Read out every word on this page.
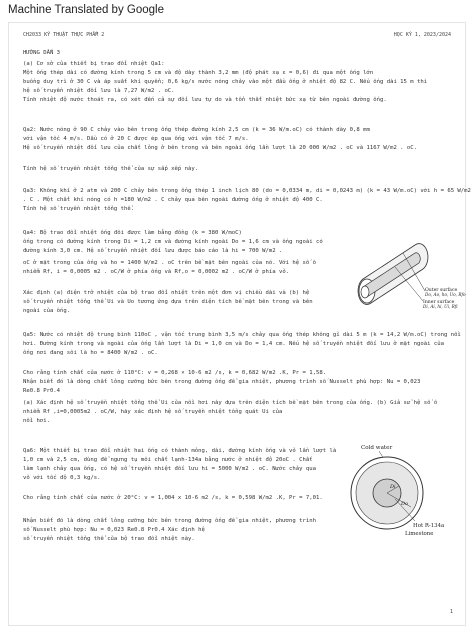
Machine Translated by Google
CH2033 KỸ THUẬT THỰC PHẨM 2	HỌC KỲ 1, 2023/2024
HƯỚNG DẪN 3
(a) Cơ sở của thiết bị trao đổi nhiệt Qa1:
Một ống thép dài có đường kính trong 5 cm và độ dày thành 3,2 mm (độ phát xạ ε = 0,6) đi qua một ống lớn
buồng duy trì ở 30 C và áp suất khí quyển; 0,6 kg/s nước nóng chảy vào một đầu ống ở nhiệt độ 82 C. Nếu ống dài 15 m thì
hệ số truyền nhiệt đối lưu là 7,27 W/m2 . oC.
Tính nhiệt độ nước thoát ra, có xét đến cả sự đối lưu tự do và tổn thất nhiệt bức xạ từ bên ngoài đường ống.
Qa2: Nước nóng ở 90 C chảy vào bên trong ống thép đường kính 2,5 cm (k = 36 W/m.oC) có thành dày 0,8 mm
với vận tốc 4 m/s. Dầu có ở 20 C được ép qua ống với vận tốc 7 m/s.
Hệ số truyền nhiệt đối lưu của chất lỏng ở bên trong và bên ngoài ống lần lượt là 20 000 W/m2 . oC và 1167 W/m2 . oC.
Tính hệ số truyền nhiệt tổng thể của sự sắp xếp này.
Qa3: Không khí ở 2 atm và 200 C chảy bên trong ống thép 1 inch lịch 80 (do = 0,0334 m, di = 0,0243 m) (k = 43 W/m.oC) với h = 65 W/m2
. C . Một chất khí nóng có h =180 W/m2 . C chảy qua bên ngoài đường ống ở nhiệt độ 400 C.
Tính hệ số truyền nhiệt tổng thể.
Qa4: Bộ trao đổi nhiệt ống đôi được làm bằng đồng (k = 380 W/moC)
ống trong có đường kính trong Di = 1,2 cm và đường kính ngoài Do = 1,6 cm và ống ngoài có
đường kính 3,0 cm. Hệ số truyền nhiệt đối lưu được báo cáo là hi = 700 W/m2 .
oC ở mặt trong của ống và ho = 1400 W/m2 . oC trên bề mặt bên ngoài của nó. Với hệ số ô
nhiễm Rf, i = 0,0005 m2 . oC/W ở phía ống và Rf,o = 0,0002 m2 . oC/W ở phía vỏ.
Xác định (a) điện trở nhiệt của bộ trao đổi nhiệt trên một đơn vị chiều dài và (b) hệ
số truyền nhiệt tổng thể Ui và Uo tương ứng dựa trên diện tích bề mặt bên trong và bên
ngoài của ống.
Outer surface
Do, Ao, ho, Uo, Rfo
Inner surface
Di, Ai, hi, Ui, Rfi
Qa5: Nước có nhiệt độ trung bình 110oC , vận tốc trung bình 3,5 m/s chảy qua ống thép không gỉ dài 5 m (k = 14,2 W/m.oC) trong nồi
hơi. Đường kính trong và ngoài của ống lần lượt là Di = 1,0 cm và Do = 1,4 cm. Nếu hệ số truyền nhiệt đối lưu ở mặt ngoài của
ống nơi đang sôi là ho = 8400 W/m2 . oC.
Cho rằng tính chất của nước ở 110°C: v = 0,268 × 10-6 m2 /s, k = 0,682 W/m2 .K, Pr = 1,58.
Nhận biết đó là dòng chất lỏng cưỡng bức bên trong đường ống để gia nhiệt, phương trình số Nusselt phù hợp: Nu = 0,023
Re0.8 Pr0.4
(a) Xác định hệ số truyền nhiệt tổng thể Ui của nồi hơi này dựa trên diện tích bề mặt bên trong của ống. (b) Giả sử hệ số ô
nhiễm Rf ,i=0,0005m2 . oC/W, hãy xác định hệ số truyền nhiệt tổng quát Ui của
nồi hơi.
Qa6: Một thiết bị trao đổi nhiệt hai ống có thành mỏng, dài, đường kính ống và vỏ lần lượt là
1,0 cm và 2,5 cm, dùng để ngưng tụ môi chất lạnh-134a bằng nước ở nhiệt độ 20oC . Chất
làm lạnh chảy qua ống, có hệ số truyền nhiệt đối lưu hi = 5000 W/m2 . oC. Nước chảy qua
vỏ với tốc độ 0,3 kg/s.
Cho rằng tính chất của nước ở 20°C: v = 1,004 x 10-6 m2 /s, k = 0,598 W/m2 .K, Pr = 7,01.
Nhận biết đó là dòng chất lỏng cưỡng bức bên trong đường ống để gia nhiệt, phương trình
số Nusselt phù hợp: Nu = 0,023 Re0.8 Pr0.4 Xác định hệ
số truyền nhiệt tổng thể của bộ trao đổi nhiệt này.
Cold water
Di
Do
Hot R-134a
Limestone
1
